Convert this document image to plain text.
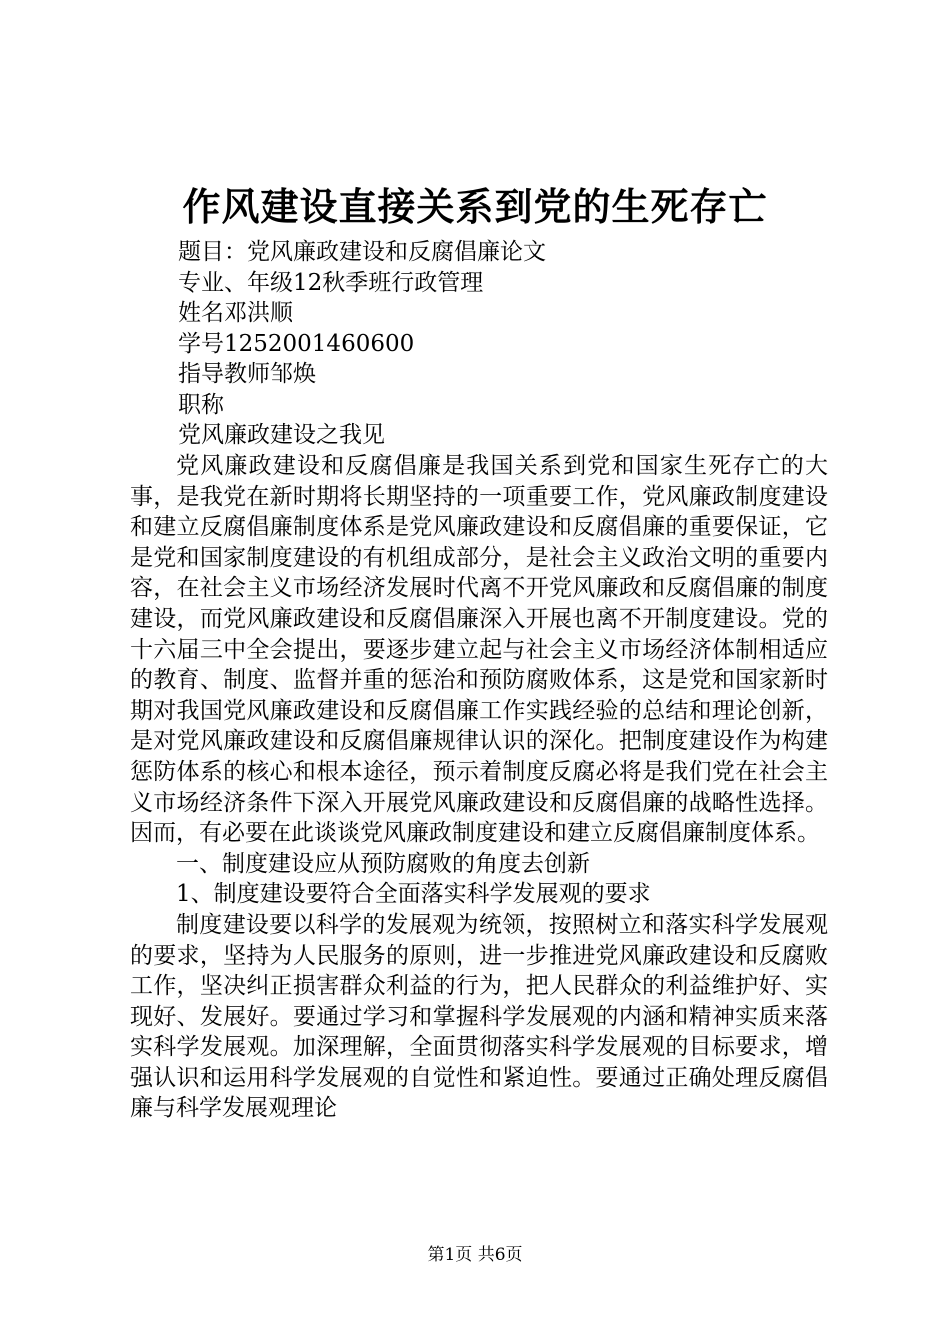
作风建设直接关系到党的生死存亡
题目：党风廉政建设和反腐倡廉论文
专业、年级12秋季班行政管理
姓名邓洪顺
学号1252001460600
指导教师邹焕
职称
党风廉政建设之我见

党风廉政建设和反腐倡廉是我国关系到党和国家生死存亡的大事，是我党在新时期将长期坚持的一项重要工作，党风廉政制度建设和建立反腐倡廉制度体系是党风廉政建设和反腐倡廉的重要保证，它是党和国家制度建设的有机组成部分，是社会主义政治文明的重要内容，在社会主义市场经济发展时代离不开党风廉政和反腐倡廉的制度建设，而党风廉政建设和反腐倡廉深入开展也离不开制度建设。党的十六届三中全会提出，要逐步建立起与社会主义市场经济体制相适应的教育、制度、监督并重的惩治和预防腐败体系，这是党和国家新时期对我国党风廉政建设和反腐倡廉工作实践经验的总结和理论创新，是对党风廉政建设和反腐倡廉规律认识的深化。把制度建设作为构建惩防体系的核心和根本途径，预示着制度反腐必将是我们党在社会主义市场经济条件下深入开展党风廉政建设和反腐倡廉的战略性选择。因而，有必要在此谈谈党风廉政制度建设和建立反腐倡廉制度体系。

一、制度建设应从预防腐败的角度去创新

1、制度建设要符合全面落实科学发展观的要求

制度建设要以科学的发展观为统领，按照树立和落实科学发展观的要求，坚持为人民服务的原则，进一步推进党风廉政建设和反腐败工作，坚决纠正损害群众利益的行为，把人民群众的利益维护好、实现好、发展好。要通过学习和掌握科学发展观的内涵和精神实质来落实科学发展观。加深理解，全面贯彻落实科学发展观的目标要求，增强认识和运用科学发展观的自觉性和紧迫性。要通过正确处理反腐倡廉与科学发展观理论

第1页 共6页
